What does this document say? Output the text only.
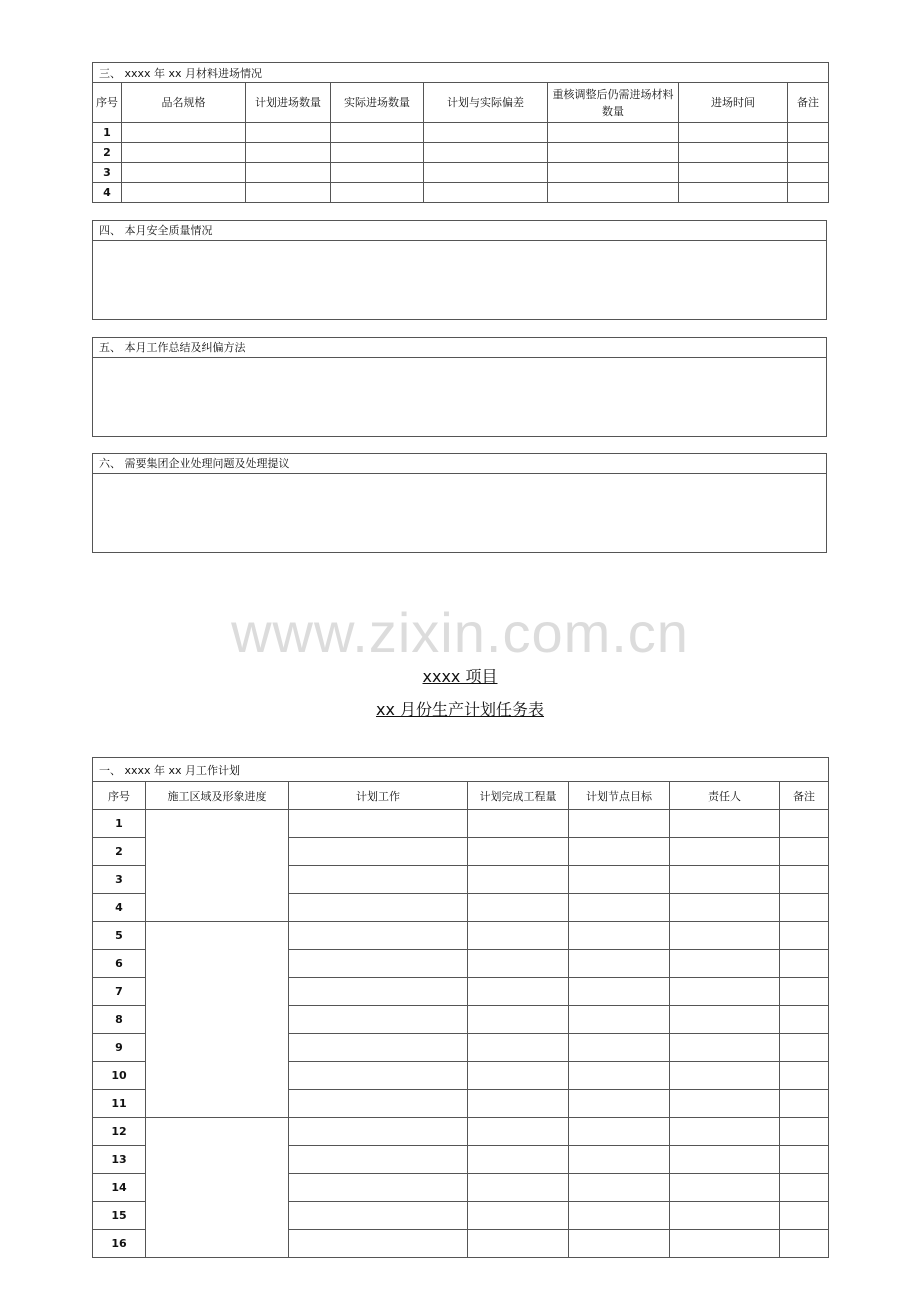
三、 xxxx 年 xx 月材料进场情况							
序号	品名规格	计划进场数量	实际进场数量	计划与实际偏差	重核调整后仍需进场材料数量	进场时间	备注
1							
2							
3							
4							
四、 本月安全质量情况
五、 本月工作总结及纠偏方法
六、 需要集团企业处理问题及处理提议
www.zixin.com.cn
xxxx 项目
xx 月份生产计划任务表
一、 xxxx 年 xx 月工作计划						
序号	施工区域及形象进度	计划工作	计划完成工程量	计划节点目标	责任人	备注
1						
2						
3						
4						
5						
6						
7						
8						
9						
10						
11						
12						
13						
14						
15						
16						
